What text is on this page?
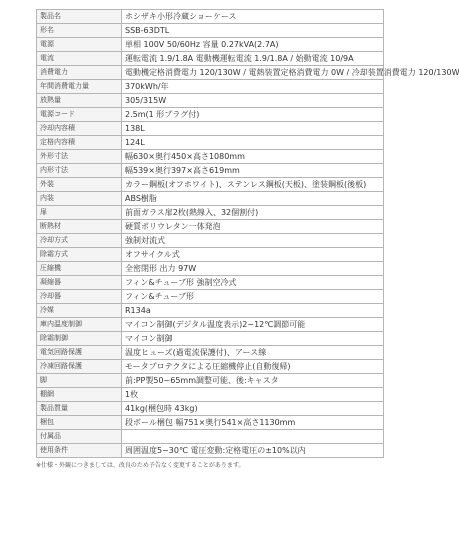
製品名	ホシザキ小形冷蔵ショーケース
形名	SSB-63DTL
電源	単相 100V 50/60Hz 容量 0.27kVA(2.7A)
電流	運転電流 1.9/1.8A 電動機運転電流 1.9/1.8A / 始動電流 10/9A
消費電力	電動機定格消費電力 120/130W / 電熱装置定格消費電力 0W / 冷却装置消費電力 120/130W
年間消費電力量	370kWh/年
放熱量	305/315W
電源コード	2.5m(1 形プラグ付)
冷却内容積	138L
定格内容積	124L
外形寸法	幅630×奥行450×高さ1080mm
内形寸法	幅539×奥行397×高さ619mm
外装	カラー鋼板(オフホワイト)、ステンレス鋼板(天板)、塗装鋼板(後板)
内装	ABS樹脂
扉	前面ガラス扉2枚(熱線入、32個割付)
断熱材	硬質ポリウレタン一体発泡
冷却方式	強制対流式
除霜方式	オフサイクル式
圧縮機	全密閉形 出力 97W
凝縮器	フィン&チューブ形 強制空冷式
冷却器	フィン&チューブ形
冷媒	R134a
庫内温度制御	マイコン制御(デジタル温度表示)2~12℃調節可能
除霜制御	マイコン制御
電気回路保護	温度ヒューズ(過電流保護付)、アース線
冷凍回路保護	モータプロテクタによる圧縮機停止(自動復帰)
脚	前:PP製50~65mm調整可能、後:キャスタ
棚網	1枚
製品質量	41kg(梱包時 43kg)
梱包	段ボール梱包 幅751×奥行541×高さ1130mm
付属品	
使用条件	周囲温度5~30℃ 電圧変動:定格電圧の±10%以内
※仕様・外観につきましては、改良のため予告なく変更することがあります。
